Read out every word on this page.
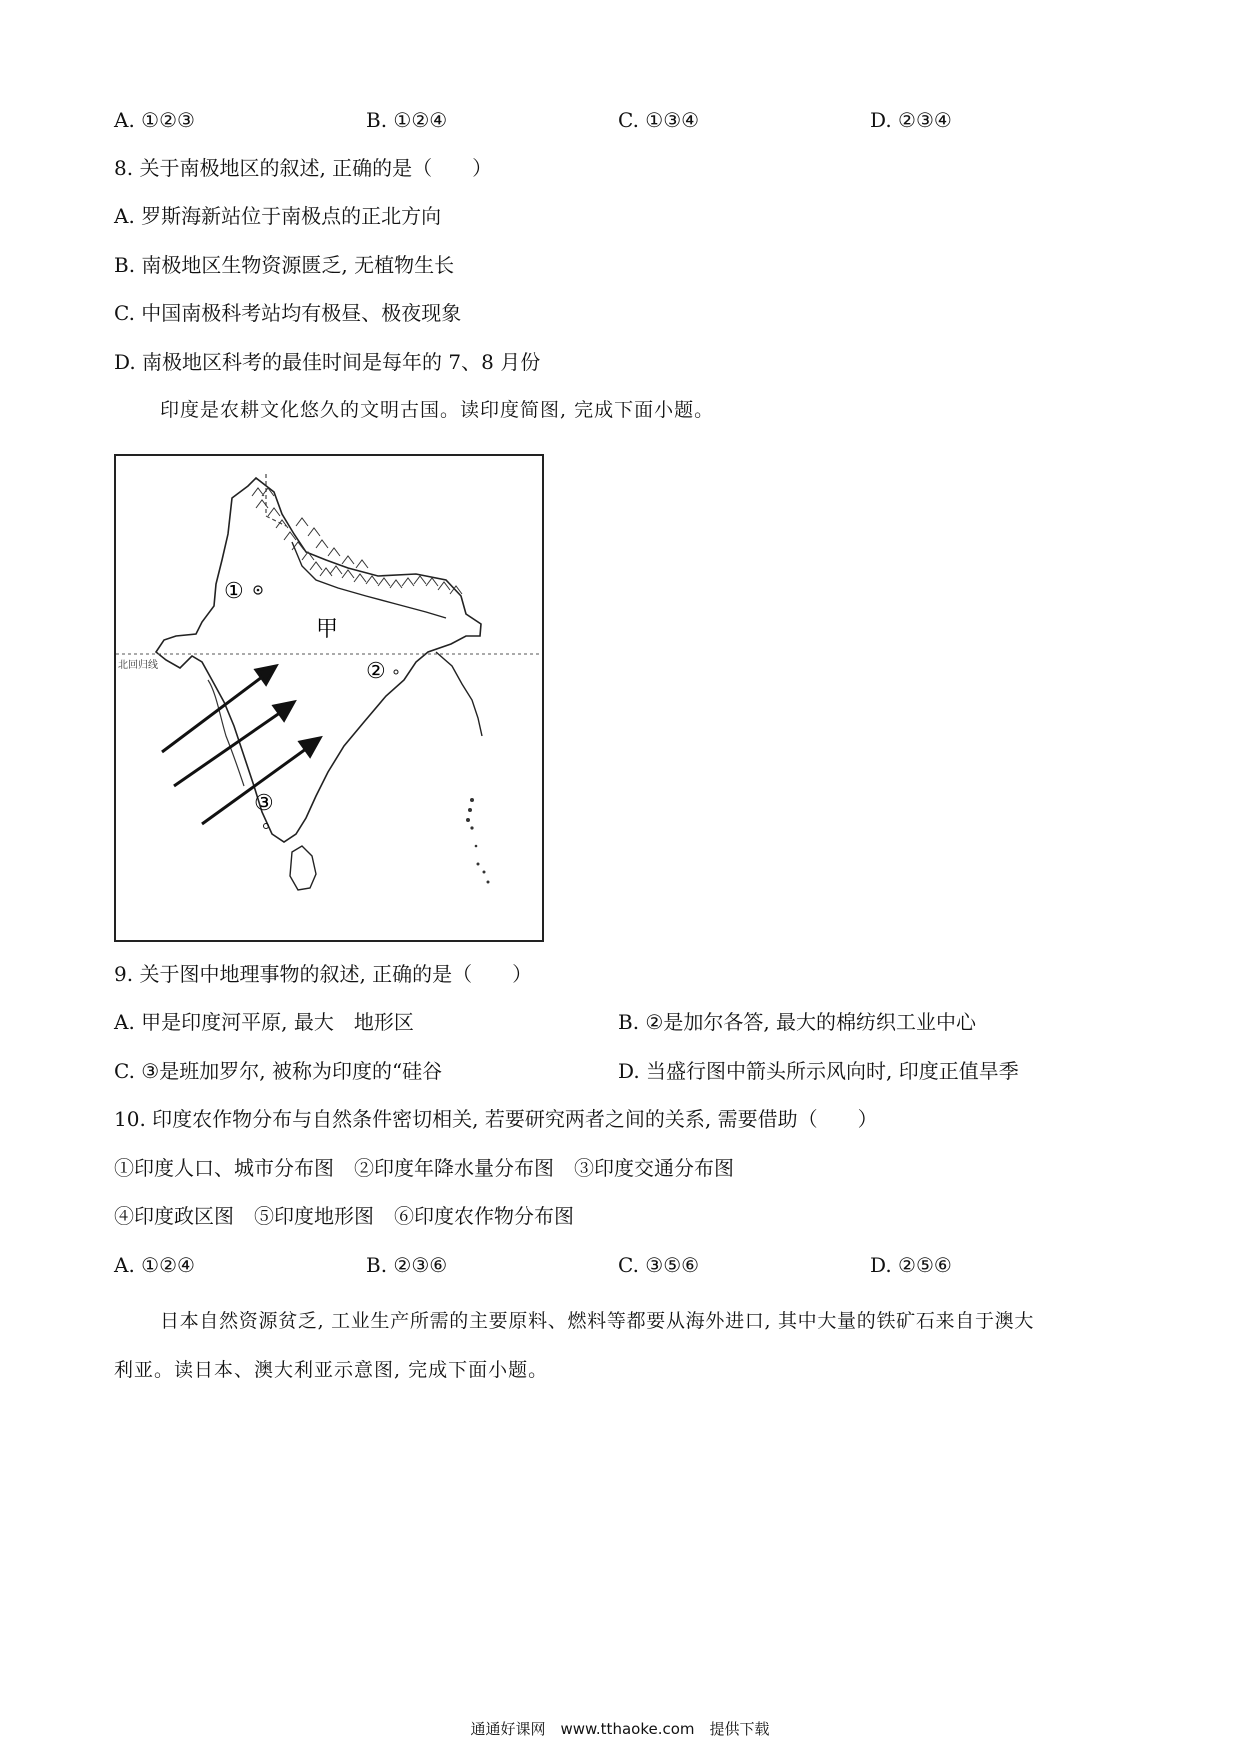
A. ①②③	B. ①②④	C. ①③④	D. ②③④
8. 关于南极地区的叙述, 正确的是（　　）
A. 罗斯海新站位于南极点的正北方向
B. 南极地区生物资源匮乏, 无植物生长
C. 中国南极科考站均有极昼、极夜现象
D. 南极地区科考的最佳时间是每年的 7、8 月份
印度是农耕文化悠久的文明古国。读印度简图, 完成下面小题。
北回归线
①
甲
②
③
9. 关于图中地理事物的叙述, 正确的是（　　）
A. 甲是印度河平原, 最大　地形区	B. ②是加尔各答, 最大的棉纺织工业中心
C. ③是班加罗尔, 被称为印度的“硅谷	D. 当盛行图中箭头所示风向时, 印度正值旱季
10. 印度农作物分布与自然条件密切相关, 若要研究两者之间的关系, 需要借助（　　）
①印度人口、城市分布图　②印度年降水量分布图　③印度交通分布图
④印度政区图　⑤印度地形图　⑥印度农作物分布图
A. ①②④	B. ②③⑥	C. ③⑤⑥	D. ②⑤⑥
日本自然资源贫乏, 工业生产所需的主要原料、燃料等都要从海外进口, 其中大量的铁矿石来自于澳大
利亚。读日本、澳大利亚示意图, 完成下面小题。
通通好课网　www.tthaoke.com　提供下载
